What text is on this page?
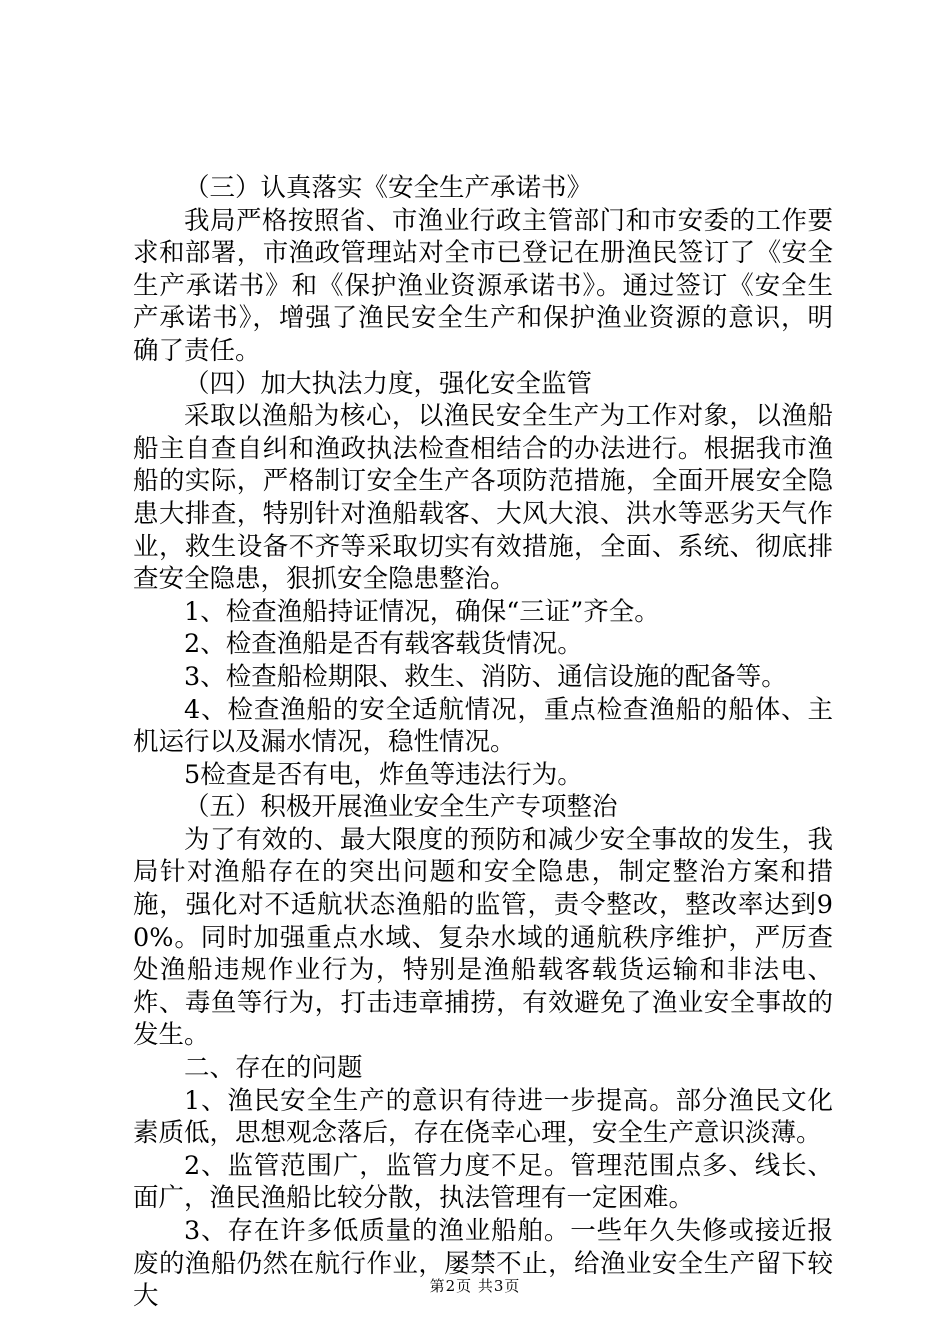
（三）认真落实《安全生产承诺书》

我局严格按照省、市渔业行政主管部门和市安委的工作要求和部署，市渔政管理站对全市已登记在册渔民签订了《安全生产承诺书》和《保护渔业资源承诺书》。通过签订《安全生产承诺书》，增强了渔民安全生产和保护渔业资源的意识，明确了责任。

（四）加大执法力度，强化安全监管

采取以渔船为核心，以渔民安全生产为工作对象，以渔船船主自查自纠和渔政执法检查相结合的办法进行。根据我市渔船的实际，严格制订安全生产各项防范措施，全面开展安全隐患大排查，特别针对渔船载客、大风大浪、洪水等恶劣天气作业，救生设备不齐等采取切实有效措施，全面、系统、彻底排查安全隐患，狠抓安全隐患整治。

1、检查渔船持证情况，确保“三证”齐全。

2、检查渔船是否有载客载货情况。

3、检查船检期限、救生、消防、通信设施的配备等。

4、检查渔船的安全适航情况，重点检查渔船的船体、主机运行以及漏水情况，稳性情况。

5检查是否有电，炸鱼等违法行为。

（五）积极开展渔业安全生产专项整治

为了有效的、最大限度的预防和减少安全事故的发生，我局针对渔船存在的突出问题和安全隐患，制定整治方案和措施，强化对不适航状态渔船的监管，责令整改，整改率达到90%。同时加强重点水域、复杂水域的通航秩序维护，严厉查处渔船违规作业行为，特别是渔船载客载货运输和非法电、炸、毒鱼等行为，打击违章捕捞，有效避免了渔业安全事故的发生。

二、存在的问题

1、渔民安全生产的意识有待进一步提高。部分渔民文化素质低，思想观念落后，存在侥幸心理，安全生产意识淡薄。

2、监管范围广，监管力度不足。管理范围点多、线长、面广，渔民渔船比较分散，执法管理有一定困难。

3、存在许多低质量的渔业船舶。一些年久失修或接近报废的渔船仍然在航行作业，屡禁不止，给渔业安全生产留下较大	第2页 共3页
